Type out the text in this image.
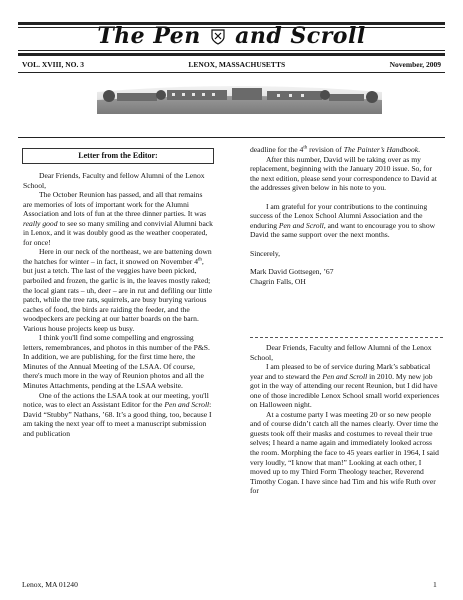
The Pen and Scroll
VOL. XVIII, NO. 3	LENOX, MASSACHUSETTS	November, 2009
Letter from the Editor:

Dear Friends, Faculty and fellow Alumni of the Lenox School,

The October Reunion has passed, and all that remains are memories of lots of important work for the Alumni Association and lots of fun at the three dinner parties. It was really good to see so many smiling and convivial Alumni back in Lenox, and it was doubly good as the weather cooperated, for once!

Here in our neck of the northeast, we are battening down the hatches for winter – in fact, it snowed on November 4th, but just a tetch. The last of the veggies have been picked, parboiled and frozen, the garlic is in, the leaves mostly raked; the local giant rats – uh, deer – are in rut and defiling our little patch, while the tree rats, squirrels, are busy burying various caches of food, the birds are raiding the feeder, and the woodpeckers are pecking at our batter boards on the barn. Various house projects keep us busy.

I think you'll find some compelling and engrossing letters, remembrances, and photos in this number of the P&S. In addition, we are publishing, for the first time here, the Minutes of the Annual Meeting of the LSAA. Of course, there's much more in the way of Reunion photos and all the Minutes Attachments, pending at the LSAA website.

One of the actions the LSAA took at our meeting, you'll notice, was to elect an Assistant Editor for the Pen and Scroll: David “Stubby” Nathans, ’68. It’s a good thing, too, because I am taking the next year off to meet a manuscript submission and publication

deadline for the 4th revision of The Painter’s Handbook.

After this number, David will be taking over as my replacement, beginning with the January 2010 issue. So, for the next edition, please send your correspondence to David at the addresses given below in his note to you.

I am grateful for your contributions to the continuing success of the Lenox School Alumni Association and the enduring Pen and Scroll, and want to encourage you to show David the same support over the next months.

Sincerely,

Mark David Gottsegen, ’67

Chagrin Falls, OH

Dear Friends, Faculty and fellow Alumni of the Lenox School,

I am pleased to be of service during Mark’s sabbatical year and to steward the Pen and Scroll in 2010. My new job got in the way of attending our recent Reunion, but I did have one of those incredible Lenox School small world experiences on Halloween night.

At a costume party I was meeting 20 or so new people and of course didn’t catch all the names clearly. Over time the guests took off their masks and costumes to reveal their true selves; I heard a name again and immediately looked across the room. Morphing the face to 45 years earlier in 1964, I said very loudly, “I know that man!” Looking at each other, I moved up to my Third Form Theology teacher, Reverend Timothy Cogan. I have since had Tim and his wife Ruth over for

Lenox, MA 01240	1
